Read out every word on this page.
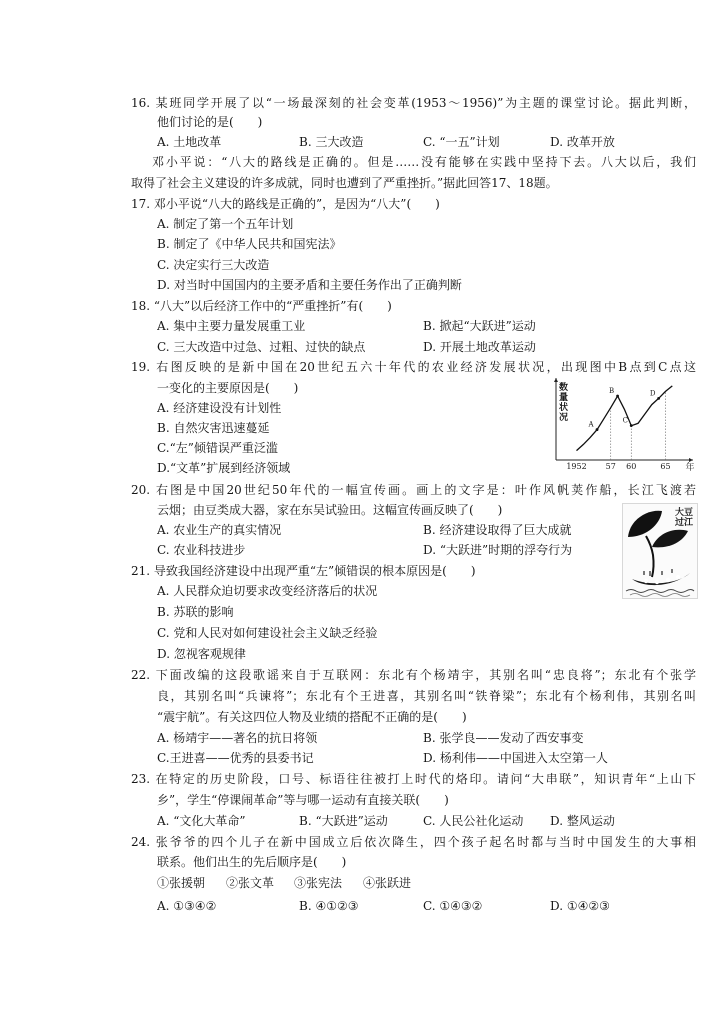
16. 某班同学开展了以“一场最深刻的社会变革(1953～1956)”为主题的课堂讨论。据此判断，
他们讨论的是(　　)
A. 土地改革	B. 三大改造	C. “一五”计划	D. 改革开放
邓小平说：“八大的路线是正确的。但是……没有能够在实践中坚持下去。八大以后，我们
取得了社会主义建设的许多成就，同时也遭到了严重挫折。”据此回答17、18题。
17. 邓小平说“八大的路线是正确的”，是因为“八大”(　　)
A. 制定了第一个五年计划
B. 制定了《中华人民共和国宪法》
C. 决定实行三大改造
D. 对当时中国国内的主要矛盾和主要任务作出了正确判断
18. “八大”以后经济工作中的“严重挫折”有(　　)
A. 集中主要力量发展重工业	B. 掀起“大跃进”运动
C. 三大改造中过急、过粗、过快的缺点	D. 开展土地改革运动
19. 右图反映的是新中国在20世纪五六十年代的农业经济发展状况，出现图中B点到C点这
一变化的主要原因是(　　)
A. 经济建设没有计划性
B. 自然灾害迅速蔓延
C.“左”倾错误严重泛滥
D.“文革”扩展到经济领域
数量状况
年
1952 57 60	65
A
B
C
D
20. 右图是中国20世纪50年代的一幅宣传画。画上的文字是：叶作风帆荚作船，长江飞渡若
云烟；由豆类成大器，家在东吴试验田。这幅宣传画反映了(　　)
A. 农业生产的真实情况	B. 经济建设取得了巨大成就
C. 农业科技进步	D. “大跃进”时期的浮夸行为
大豆
过江
21. 导致我国经济建设中出现严重“左”倾错误的根本原因是(　　)
A. 人民群众迫切要求改变经济落后的状况
B. 苏联的影响
C. 党和人民对如何建设社会主义缺乏经验
D. 忽视客观规律
22. 下面改编的这段歌谣来自于互联网：东北有个杨靖宇，其别名叫“忠良将”；东北有个张学
良，其别名叫“兵谏将”；东北有个王进喜，其别名叫“铁脊梁”；东北有个杨利伟，其别名叫
“震宇航”。有关这四位人物及业绩的搭配不正确的是(　　)
A. 杨靖宇——著名的抗日将领	B. 张学良——发动了西安事变
C.王进喜——优秀的县委书记	D. 杨利伟——中国进入太空第一人
23. 在特定的历史阶段，口号、标语往往被打上时代的烙印。请问“大串联”，知识青年“上山下
乡”，学生“停课闹革命”等与哪一运动有直接关联(　　)
A. “文化大革命”	B. “大跃进”运动	C. 人民公社化运动 D. 整风运动
24. 张爷爷的四个儿子在新中国成立后依次降生，四个孩子起名时都与当时中国发生的大事相
联系。他们出生的先后顺序是(　　)
①张援朝 ②张文革 ③张宪法 ④张跃进
A. ①③④②	B. ④①②③	C. ①④③②	D. ①④②③
